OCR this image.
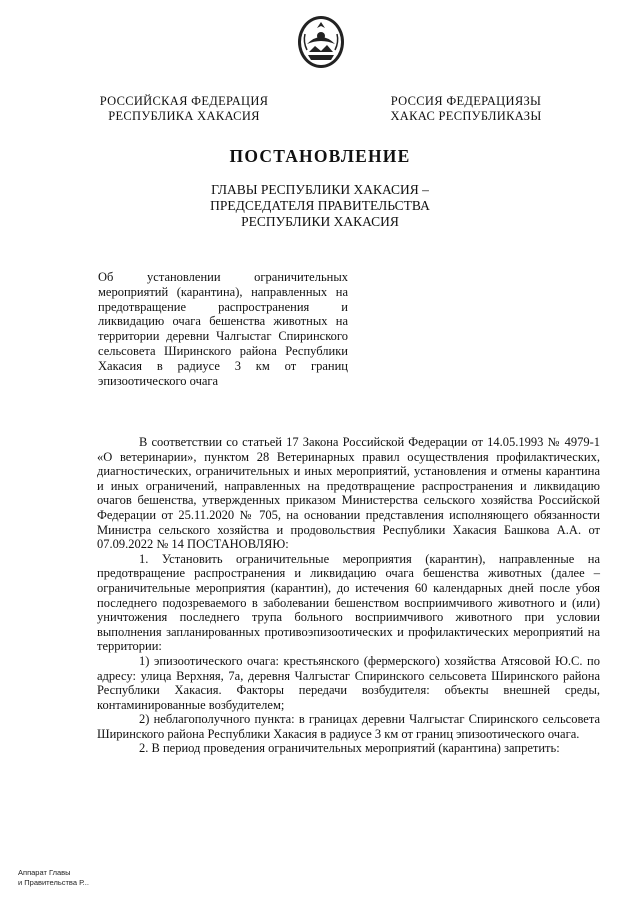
РОССИЙСКАЯ ФЕДЕРАЦИЯ
РЕСПУБЛИКА ХАКАСИЯ
РОССИЯ ФЕДЕРАЦИЯЗЫ
ХАКАС РЕСПУБЛИКАЗЫ
ПОСТАНОВЛЕНИЕ
ГЛАВЫ РЕСПУБЛИКИ ХАКАСИЯ –
ПРЕДСЕДАТЕЛЯ ПРАВИТЕЛЬСТВА
РЕСПУБЛИКИ ХАКАСИЯ
Об установлении ограничительных мероприятий (карантина), направленных на предотвращение распространения и ликвидацию очага бешенства животных на территории деревни Чалгыстаг Спиринского сельсовета Ширинского района Республики Хакасия в радиусе 3 км от границ эпизоотического очага

В соответствии со статьей 17 Закона Российской Федерации от 14.05.1993 № 4979-1 «О ветеринарии», пунктом 28 Ветеринарных правил осуществления профилактических, диагностических, ограничительных и иных мероприятий, установления и отмены карантина и иных ограничений, направленных на предотвращение распространения и ликвидацию очагов бешенства, утвержденных приказом Министерства сельского хозяйства Российской Федерации от 25.11.2020 № 705, на основании представления исполняющего обязанности Министра сельского хозяйства и продовольствия Республики Хакасия Башкова А.А. от 07.09.2022 № 14 ПОСТАНОВЛЯЮ:

1. Установить ограничительные мероприятия (карантин), направленные на предотвращение распространения и ликвидацию очага бешенства животных (далее – ограничительные мероприятия (карантин), до истечения 60 календарных дней после убоя последнего подозреваемого в заболевании бешенством восприимчивого животного и (или) уничтожения последнего трупа больного восприимчивого животного при условии выполнения запланированных противоэпизоотических и профилактических мероприятий на территории:

1) эпизоотического очага: крестьянского (фермерского) хозяйства Атясовой Ю.С. по адресу: улица Верхняя, 7а, деревня Чалгыстаг Спиринского сельсовета Ширинского района Республики Хакасия. Факторы передачи возбудителя: объекты внешней среды, контаминированные возбудителем;

2) неблагополучного пункта: в границах деревни Чалгыстаг Спиринского сельсовета Ширинского района Республики Хакасия в радиусе 3 км от границ эпизоотического очага.

2. В период проведения ограничительных мероприятий (карантина) запретить:

Аппарат Главы
и Правительства Р...
